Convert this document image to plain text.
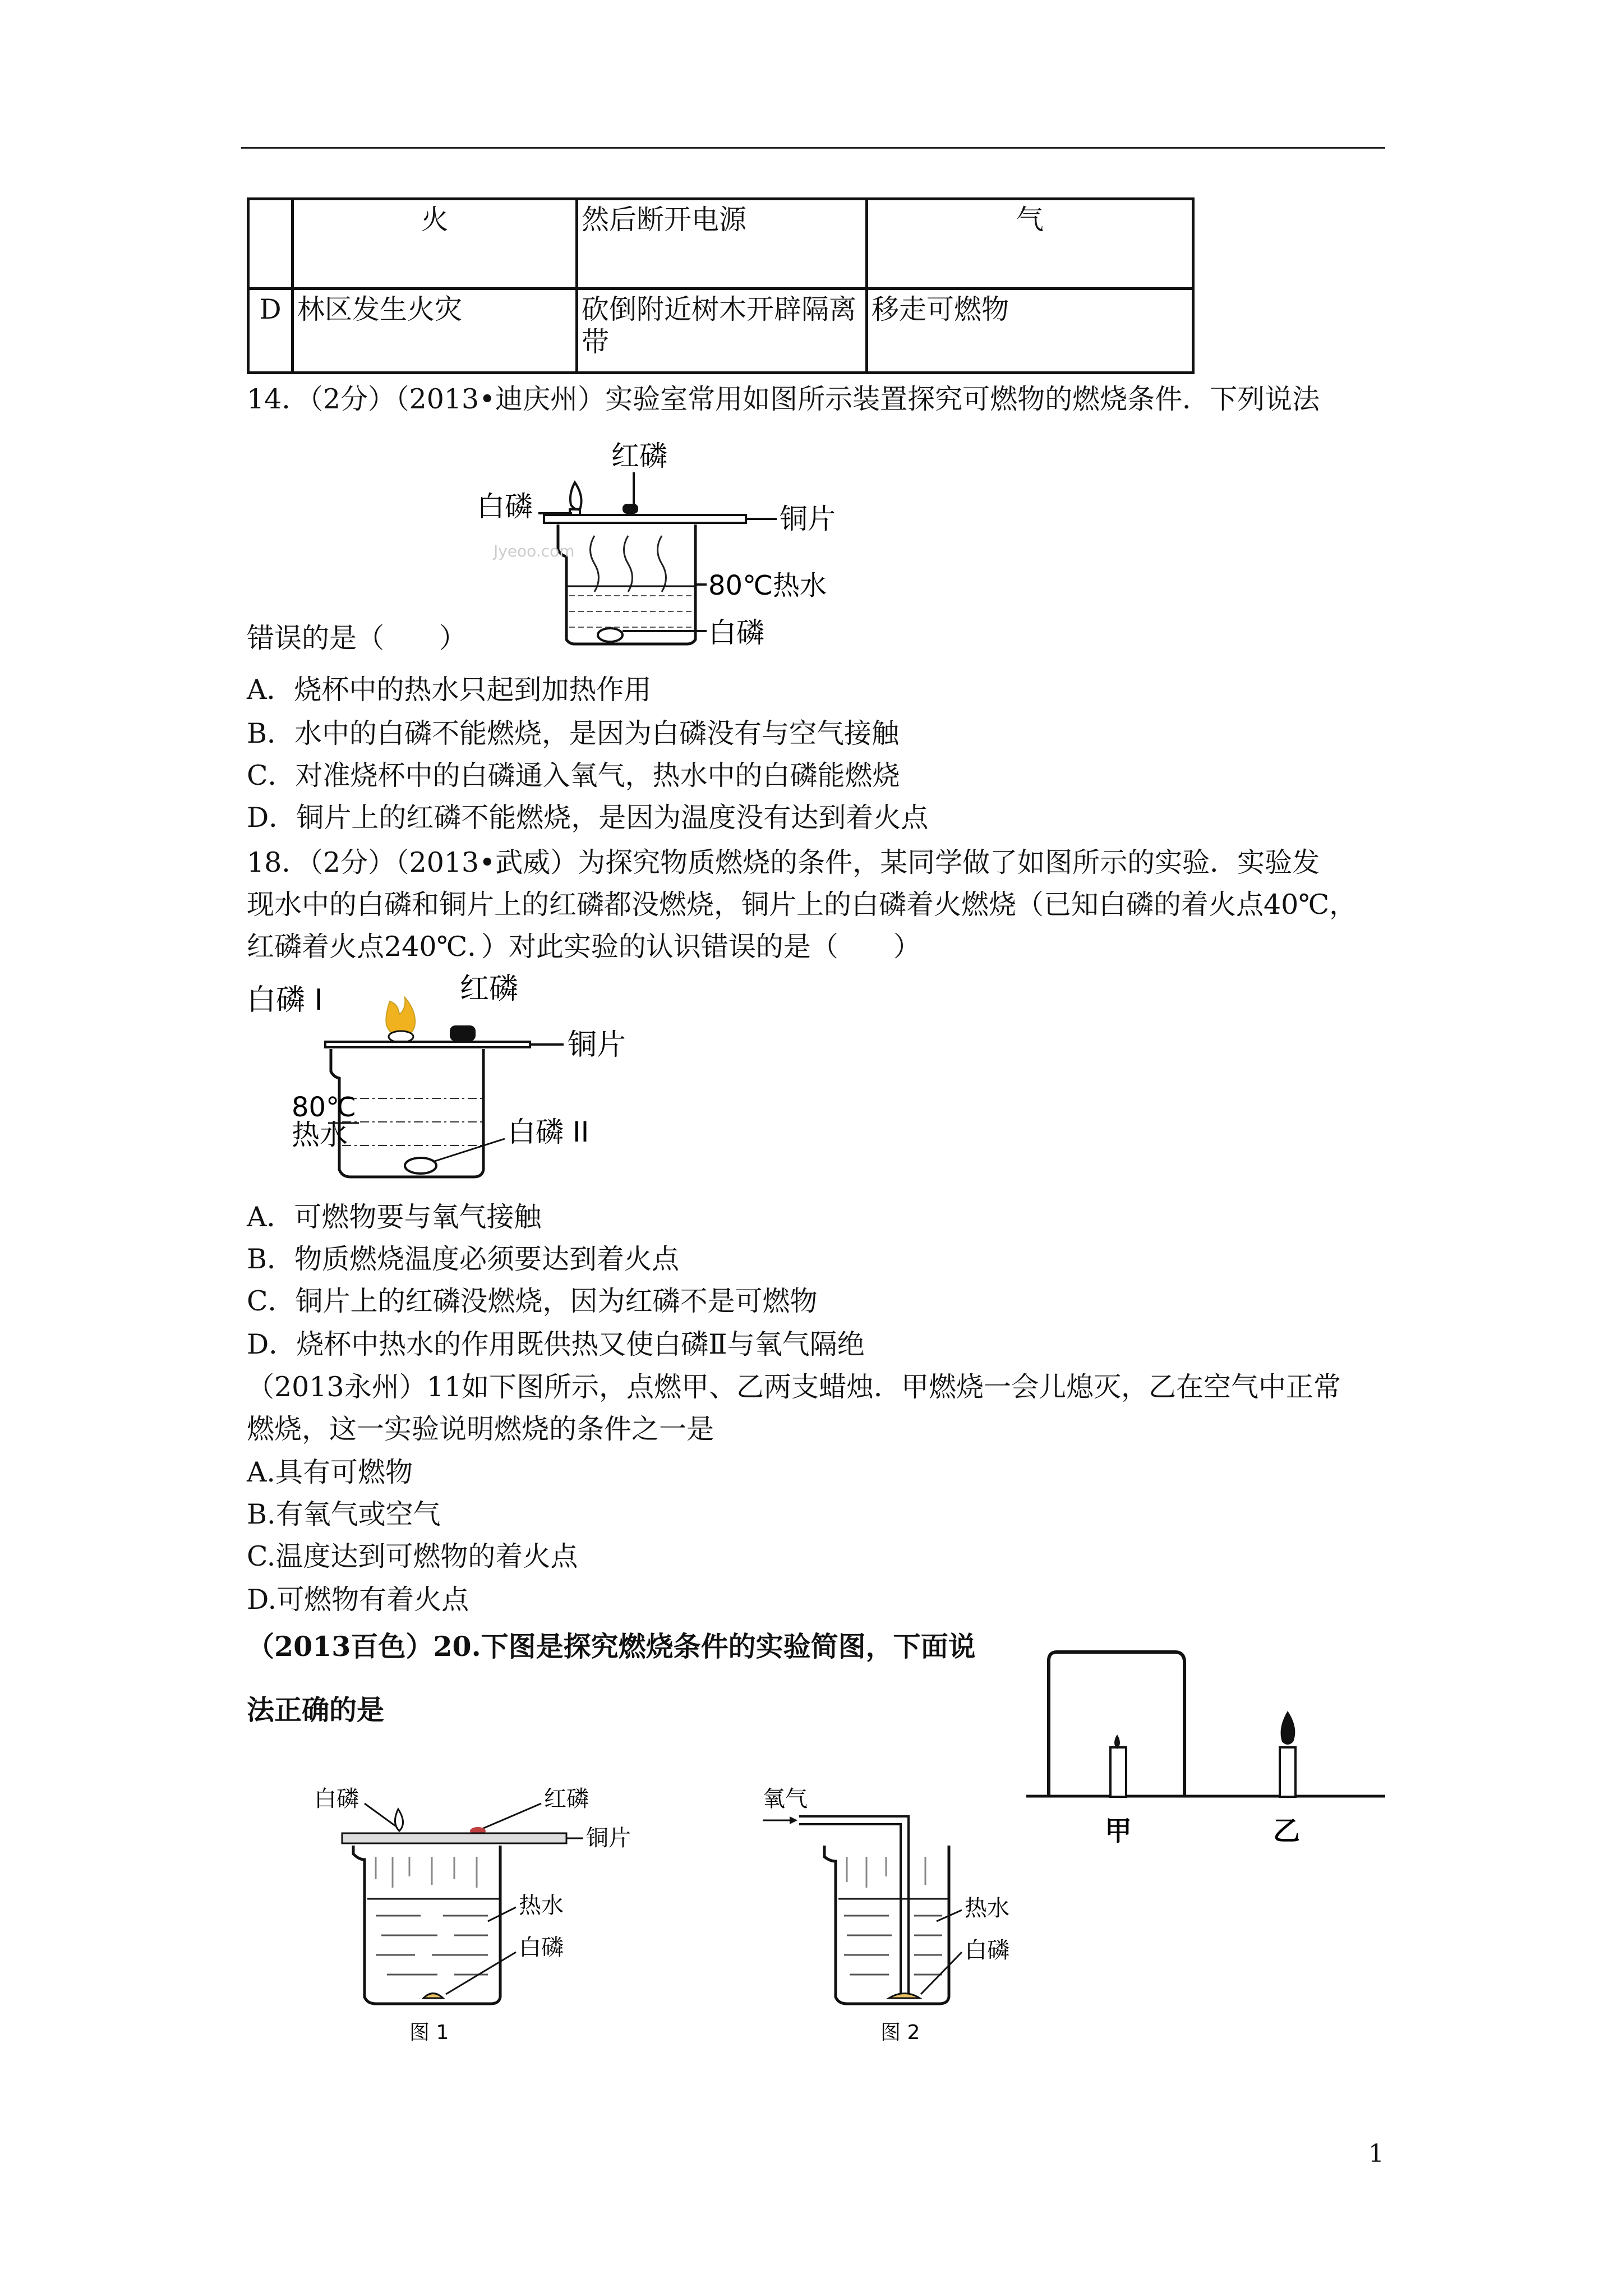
	火	然后断开电源	气
D	林区发生火灾	砍倒附近树木开辟隔离带	移走可燃物
14．（2分）（2013•迪庆州）实验室常用如图所示装置探究可燃物的燃烧条件．下列说法
红磷
白磷	铜片
Jyeoo.com
80℃热水
白磷
错误的是（　　）
A．烧杯中的热水只起到加热作用
B．水中的白磷不能燃烧，是因为白磷没有与空气接触
C．对准烧杯中的白磷通入氧气，热水中的白磷能燃烧
D．铜片上的红磷不能燃烧，是因为温度没有达到着火点
18．（2分）（2013•武威）为探究物质燃烧的条件，某同学做了如图所示的实验．实验发
现水中的白磷和铜片上的红磷都没燃烧，铜片上的白磷着火燃烧（已知白磷的着火点40℃，
红磷着火点240℃．）对此实验的认识错误的是（　　）
白磷 I	红磷
铜片
80℃
热水	白磷 II
A．可燃物要与氧气接触
B．物质燃烧温度必须要达到着火点
C．铜片上的红磷没燃烧，因为红磷不是可燃物
D．烧杯中热水的作用既供热又使白磷Ⅱ与氧气隔绝
（2013永州）11如下图所示，点燃甲、乙两支蜡烛．甲燃烧一会儿熄灭，乙在空气中正常
燃烧，这一实验说明燃烧的条件之一是
A.具有可燃物
B.有氧气或空气
C.温度达到可燃物的着火点
D.可燃物有着火点
（2013百色）20.下图是探究燃烧条件的实验简图，下面说
法正确的是
甲	乙
白磷	红磷
铜片
热水
白磷
图 1
氧气
热水
白磷
图 2
1
